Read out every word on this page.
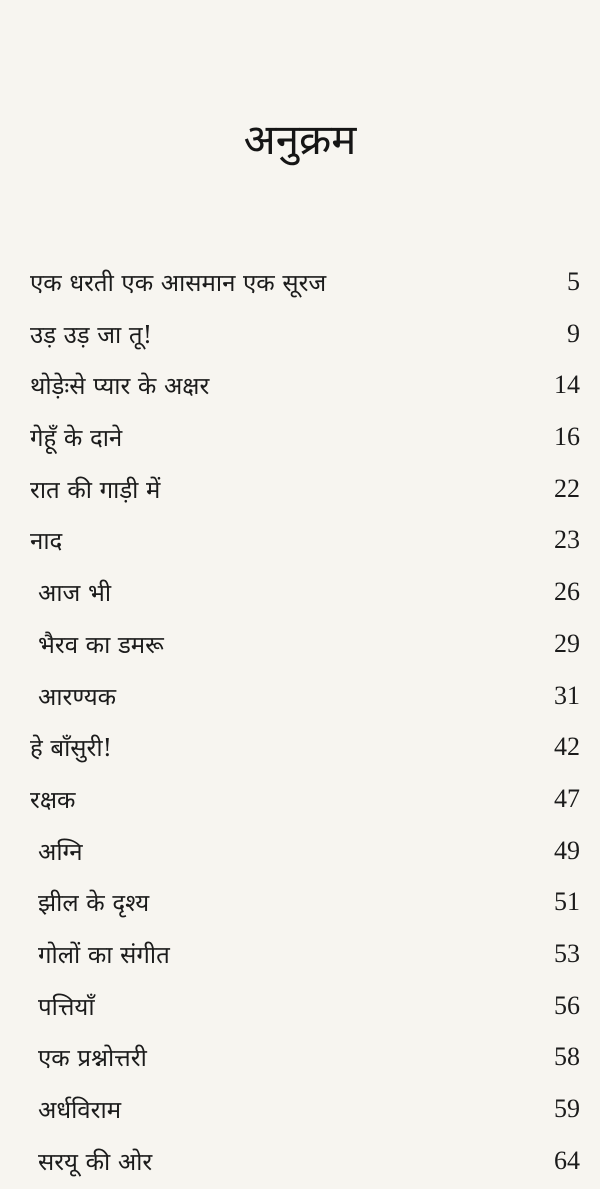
अनुक्रम
एक धरती एक आसमान एक सूरज	5
उड़ उड़ जा तू!	9
थोड़ेःसे प्यार के अक्षर	14
गेहूँ के दाने	16
रात की गाड़ी में	22
नाद	23
आज भी	26
भैरव का डमरू	29
आरण्यक	31
हे बाँसुरी!	42
रक्षक	47
अग्नि	49
झील के दृश्य	51
गोलों का संगीत	53
पत्तियाँ	56
एक प्रश्नोत्तरी	58
अर्धविराम	59
सरयू की ओर	64
